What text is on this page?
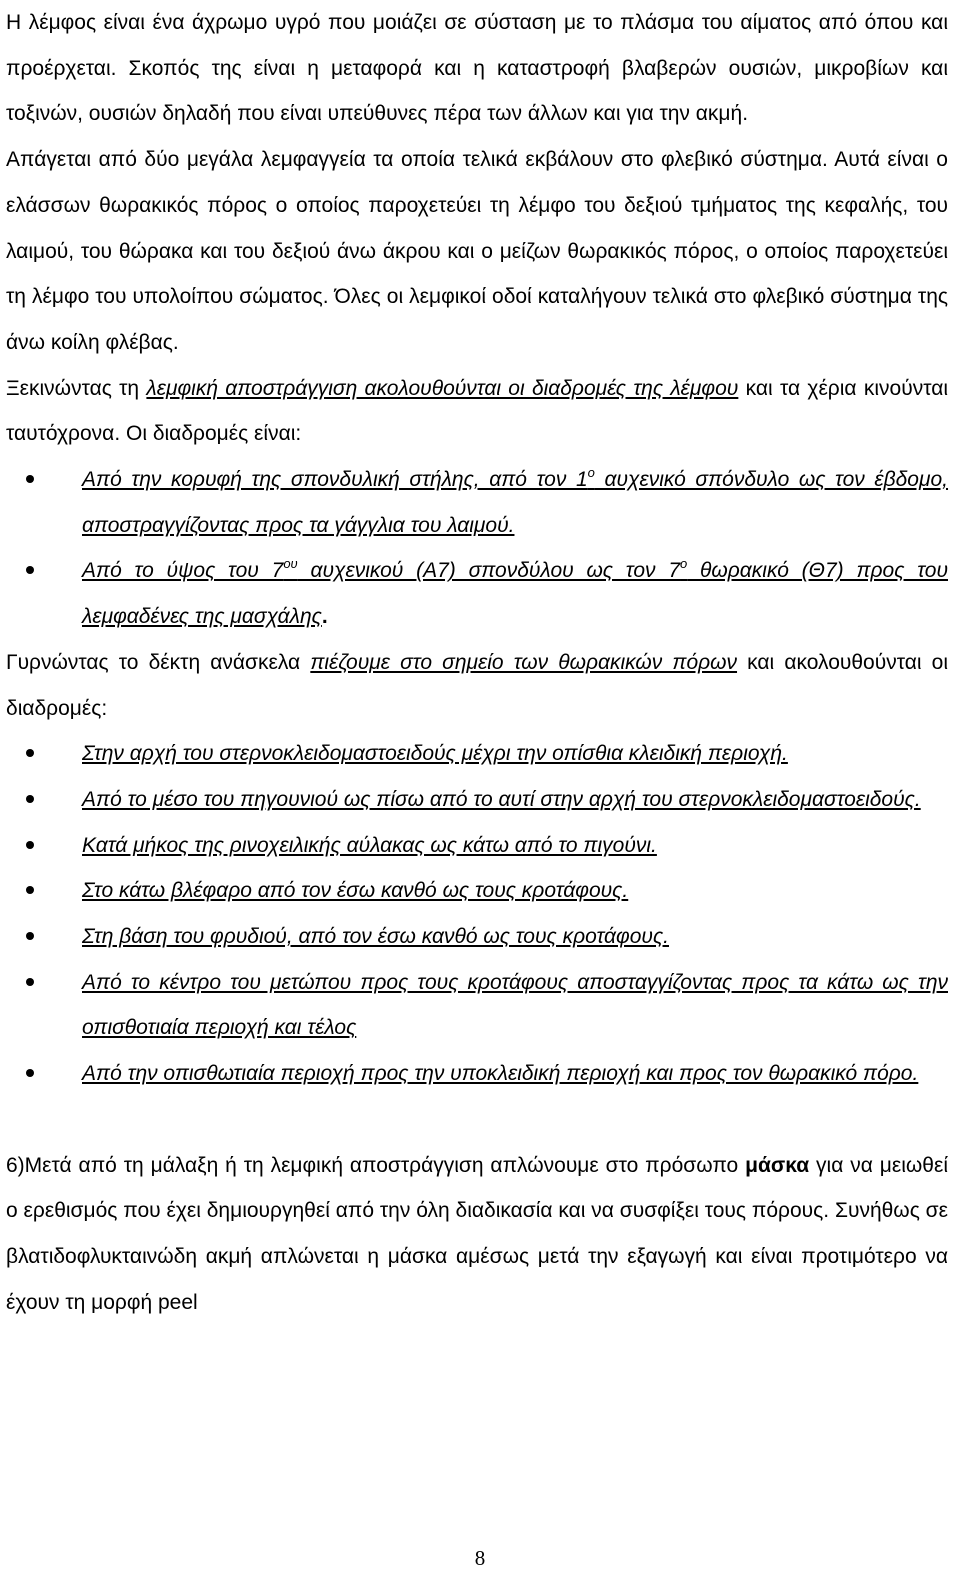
Η λέμφος είναι ένα άχρωμο υγρό που μοιάζει σε σύσταση με το πλάσμα του αίματος από όπου και προέρχεται. Σκοπός της είναι η μεταφορά και η καταστροφή βλαβερών ουσιών, μικροβίων και τοξινών, ουσιών δηλαδή που είναι υπεύθυνες πέρα των άλλων και για την ακμή.

Απάγεται από δύο μεγάλα λεμφαγγεία τα οποία τελικά εκβάλουν στο φλεβικό σύστημα. Αυτά είναι ο ελάσσων θωρακικός πόρος ο οποίος παροχετεύει τη λέμφο του δεξιού τμήματος της κεφαλής, του λαιμού, του θώρακα και του δεξιού άνω άκρου και ο μείζων θωρακικός πόρος, ο οποίος παροχετεύει τη λέμφο του υπολοίπου σώματος. Όλες οι λεμφικοί οδοί καταλήγουν τελικά στο φλεβικό σύστημα της άνω κοίλη φλέβας.

Ξεκινώντας τη λεμφική αποστράγγιση ακολουθούνται οι διαδρομές της λέμφου και τα χέρια κινούνται ταυτόχρονα. Οι διαδρομές είναι:

Από την κορυφή της σπονδυλική στήλης, από τον $1^o$ αυχενικό σπόνδυλο ως τον έβδομο, αποστραγγίζοντας προς τα γάγγλια του λαιμού.
Από το ύψος του $7^{o\upsilon}$ αυχενικού (Α7) σπονδύλου ως τον $7^o$ θωρακικό (Θ7) προς του λεμφαδένες της μασχάλης.

Γυρνώντας το δέκτη ανάσκελα πιέζουμε στο σημείο των θωρακικών πόρων και ακολουθούνται οι διαδρομές:

Στην αρχή του στερνοκλειδομαστοειδούς μέχρι την οπίσθια κλειδική περιοχή.
Από το μέσο του πηγουνιού ως πίσω από το αυτί στην αρχή του στερνοκλειδομαστοειδούς.
Κατά μήκος της ρινοχειλικής αύλακας ως κάτω από το πιγούνι.
Στο κάτω βλέφαρο από τον έσω κανθό ως τους κροτάφους.
Στη βάση του φρυδιού, από τον έσω κανθό ως τους κροτάφους.
Από το κέντρο του μετώπου προς τους κροτάφους αποσταγγίζοντας προς τα κάτω ως την οπισθοτιαία περιοχή και τέλος
Από την οπισθωτιαία περιοχή προς την υποκλειδική περιοχή και προς τον θωρακικό πόρο.

6)Μετά από τη μάλαξη ή τη λεμφική αποστράγγιση απλώνουμε στο πρόσωπο μάσκα για να μειωθεί ο ερεθισμός που έχει δημιουργηθεί από την όλη διαδικασία και να συσφίξει τους πόρους. Συνήθως σε βλατιδοφλυκταινώδη ακμή απλώνεται η μάσκα αμέσως μετά την εξαγωγή και είναι προτιμότερο να έχουν τη μορφή peel

8
